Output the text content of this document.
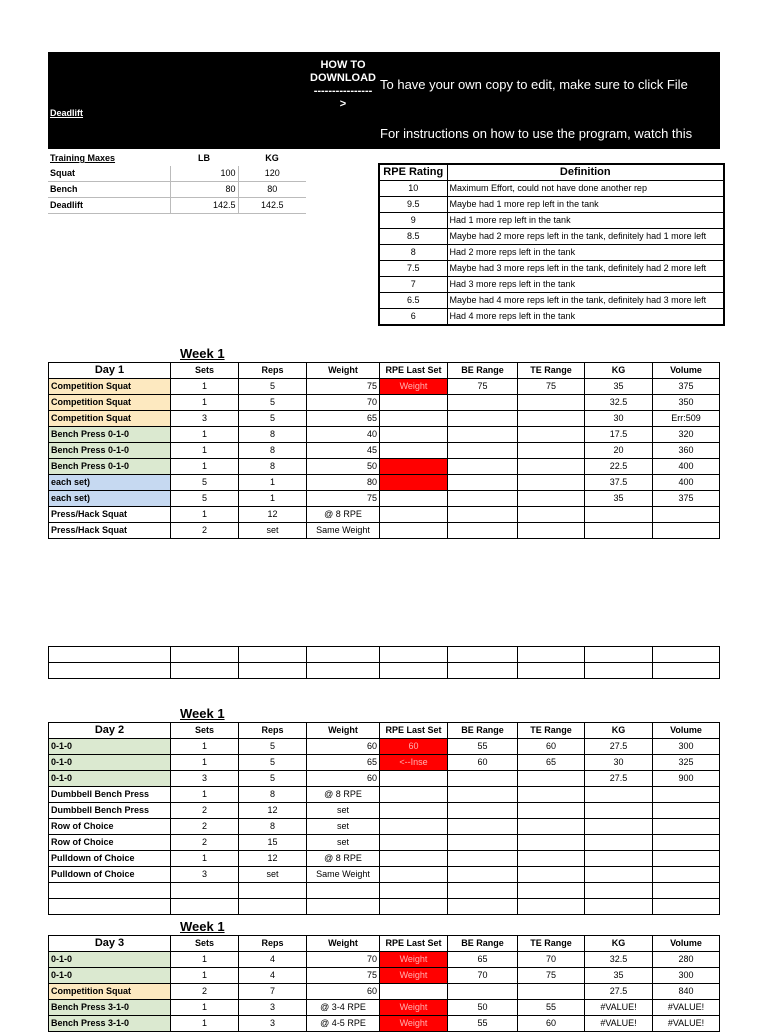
HOW TO
DOWNLOAD
----------------
>
To have your own copy to edit, make sure to click File
For instructions on how to use the program, watch this
Deadlift
Training Maxes	LB	KG
Squat	100	120
Bench	80	80
Deadlift	142.5	142.5
RPE Rating	Definition
10	Maximum Effort, could not have done another rep
9.5	Maybe had 1 more rep left in the tank
9	Had 1 more rep left in the tank
8.5	Maybe had 2 more reps left in the tank, definitely had 1 more left
8	Had 2 more reps left in the tank
7.5	Maybe had 3 more reps left in the tank, definitely had 2 more left
7	Had 3 more reps left in the tank
6.5	Maybe had 4 more reps left in the tank, definitely had 3 more left
6	Had 4 more reps left in the tank
Week 1
Day 1	Sets	Reps	Weight	RPE Last Set	BE Range	TE Range	KG	Volume
Competition Squat	1	5	75	Weight	75	75	35	375
Competition Squat	1	5	70				32.5	350
Competition Squat	3	5	65				30	Err:509
Bench Press 0-1-0	1	8	40				17.5	320
Bench Press 0-1-0	1	8	45				20	360
Bench Press 0-1-0	1	8	50				22.5	400
each set)	5	1	80				37.5	400
each set)	5	1	75				35	375
Press/Hack Squat	1	12	@ 8 RPE					
Press/Hack Squat	2	set	Same Weight					

Week 1
Day 2	Sets	Reps	Weight	RPE Last Set	BE Range	TE Range	KG	Volume
0-1-0	1	5	60	60	55	60	27.5	300
0-1-0	1	5	65	<--Inse	60	65	30	325
0-1-0	3	5	60				27.5	900
Dumbbell Bench Press	1	8	@ 8 RPE					
Dumbbell Bench Press	2	12	set					
Row of Choice	2	8	set					
Row of Choice	2	15	set					
Pulldown of Choice	1	12	@ 8 RPE					
Pulldown of Choice	3	set	Same Weight					

Week 1
Day 3	Sets	Reps	Weight	RPE Last Set	BE Range	TE Range	KG	Volume
0-1-0	1	4	70	Weight	65	70	32.5	280
0-1-0	1	4	75	Weight	70	75	35	300
Competition Squat	2	7	60				27.5	840
Bench Press 3-1-0	1	3	@ 3-4 RPE	Weight	50	55	#VALUE!	#VALUE!
Bench Press 3-1-0	1	3	@ 4-5 RPE	Weight	55	60	#VALUE!	#VALUE!
